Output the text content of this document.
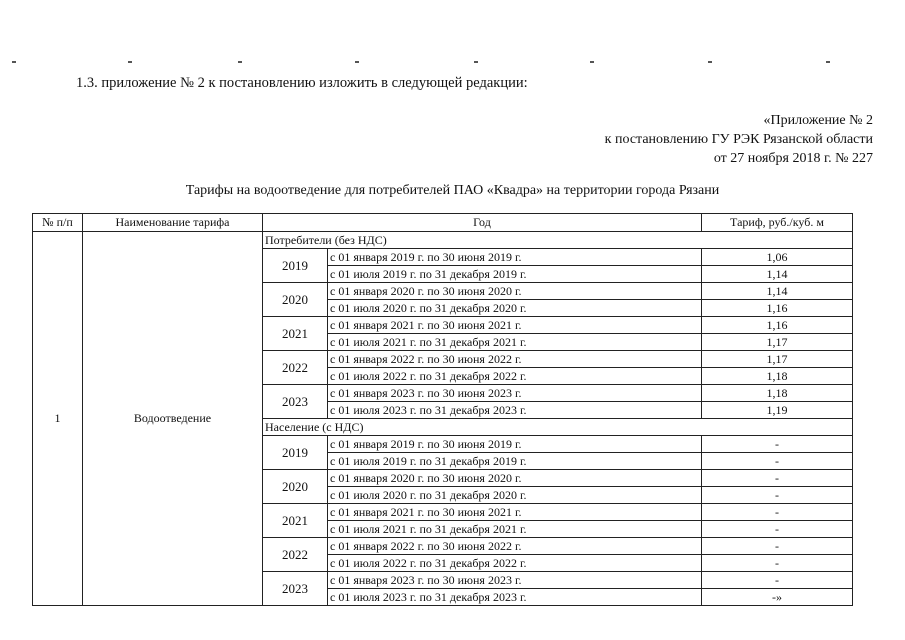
1.3. приложение № 2 к постановлению изложить в следующей редакции:
«Приложение № 2
к постановлению ГУ РЭК Рязанской области
от 27 ноября 2018 г. № 227
Тарифы на водоотведение для потребителей ПАО «Квадра» на территории города Рязани
№ п/п	Наименование тарифа	Год		Тариф, руб./куб. м
1	Водоотведение	Потребители (без НДС)		
		2019	с 01 января 2019 г. по 30 июня 2019 г.	1,06
			с 01 июля 2019 г. по 31 декабря 2019 г.	1,14
		2020	с 01 января 2020 г. по 30 июня 2020 г.	1,14
			с 01 июля 2020 г. по 31 декабря 2020 г.	1,16
		2021	с 01 января 2021 г. по 30 июня 2021 г.	1,16
			с 01 июля 2021 г. по 31 декабря 2021 г.	1,17
		2022	с 01 января 2022 г. по 30 июня 2022 г.	1,17
			с 01 июля 2022 г. по 31 декабря 2022 г.	1,18
		2023	с 01 января 2023 г. по 30 июня 2023 г.	1,18
			с 01 июля 2023 г. по 31 декабря 2023 г.	1,19
		Население (с НДС)		
		2019	с 01 января 2019 г. по 30 июня 2019 г.	-
			с 01 июля 2019 г. по 31 декабря 2019 г.	-
		2020	с 01 января 2020 г. по 30 июня 2020 г.	-
			с 01 июля 2020 г. по 31 декабря 2020 г.	-
		2021	с 01 января 2021 г. по 30 июня 2021 г.	-
			с 01 июля 2021 г. по 31 декабря 2021 г.	-
		2022	с 01 января 2022 г. по 30 июня 2022 г.	-
			с 01 июля 2022 г. по 31 декабря 2022 г.	-
		2023	с 01 января 2023 г. по 30 июня 2023 г.	-
			с 01 июля 2023 г. по 31 декабря 2023 г.	-»
